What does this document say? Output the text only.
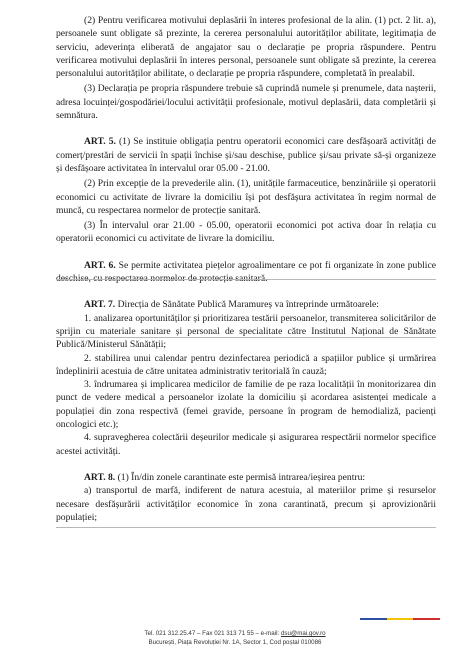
(2) Pentru verificarea motivului deplasării în interes profesional de la alin. (1) pct. 2 lit. a), persoanele sunt obligate să prezinte, la cererea personalului autorităților abilitate, legitimația de serviciu, adeverința eliberată de angajator sau o declarație pe propria răspundere. Pentru verificarea motivului deplasării în interes personal, persoanele sunt obligate să prezinte, la cererea personalului autorităților abilitate, o declarație pe propria răspundere, completată în prealabil.

(3) Declarația pe propria răspundere trebuie să cuprindă numele și prenumele, data nașterii, adresa locuinței/gospodăriei/locului activității profesionale, motivul deplasării, data completării și semnătura.

ART. 5. (1) Se instituie obligația pentru operatorii economici care desfășoară activități de comerț/prestări de servicii în spații închise și/sau deschise, publice și/sau private să-și organizeze și desfășoare activitatea în intervalul orar 05.00 - 21.00.

(2) Prin excepție de la prevederile alin. (1), unitățile farmaceutice, benzinăriile și operatorii economici cu activitate de livrare la domiciliu își pot desfășura activitatea în regim normal de muncă, cu respectarea normelor de protecție sanitară.

(3) În intervalul orar 21.00 - 05.00, operatorii economici pot activa doar în relația cu operatorii economici cu activitate de livrare la domiciliu.

ART. 6. Se permite activitatea piețelor agroalimentare ce pot fi organizate în zone publice deschise, cu respectarea normelor de protecție sanitară.

ART. 7. Direcția de Sănătate Publică Maramureș va întreprinde următoarele:

1. analizarea oportunităților și prioritizarea testării persoanelor, transmiterea solicitărilor de sprijin cu materiale sanitare și personal de specialitate către Institutul Național de Sănătate Publică/Ministerul Sănătății;

2. stabilirea unui calendar pentru dezinfectarea periodică a spațiilor publice și urmărirea îndeplinirii acestuia de către unitatea administrativ teritorială în cauză;

3. îndrumarea și implicarea medicilor de familie de pe raza localității în monitorizarea din punct de vedere medical a persoanelor izolate la domiciliu și acordarea asistenței medicale a populației din zona respectivă (femei gravide, persoane în program de hemodializă, pacienți oncologici etc.);

4. supravegherea colectării deșeurilor medicale și asigurarea respectării normelor specifice acestei activități.

ART. 8. (1) În/din zonele carantinate este permisă intrarea/ieșirea pentru:

a) transportul de marfă, indiferent de natura acestuia, al materiilor prime și resurselor necesare desfășurării activităților economice în zona carantinată, precum și aprovizionării populației;

Tel. 021 312.25.47 – Fax 021 313 71 55 – e-mail: dsu@mai.gov.ro
București, Piața Revoluției Nr. 1A, Sector 1, Cod poștal 010086
